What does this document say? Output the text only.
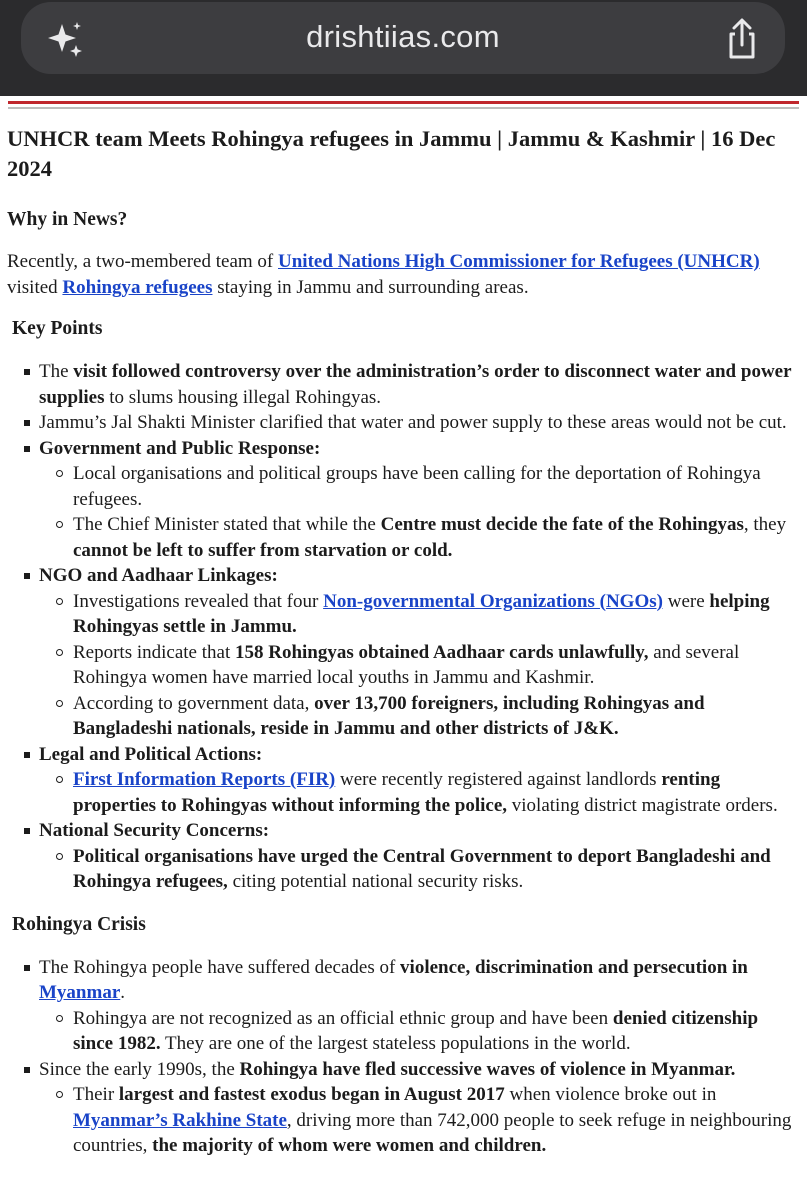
drishtiias.com
UNHCR team Meets Rohingya refugees in Jammu | Jammu & Kashmir | 16 Dec 2024
Why in News?

Recently, a two-membered team of United Nations High Commissioner for Refugees (UNHCR) visited Rohingya refugees staying in Jammu and surrounding areas.

Key Points
The visit followed controversy over the administration’s order to disconnect water and power supplies to slums housing illegal Rohingyas.
Jammu’s Jal Shakti Minister clarified that water and power supply to these areas would not be cut.
Government and Public Response:
Local organisations and political groups have been calling for the deportation of Rohingya refugees.
The Chief Minister stated that while the Centre must decide the fate of the Rohingyas, they cannot be left to suffer from starvation or cold.
NGO and Aadhaar Linkages:
Investigations revealed that four Non-governmental Organizations (NGOs) were helping Rohingyas settle in Jammu.
Reports indicate that 158 Rohingyas obtained Aadhaar cards unlawfully, and several Rohingya women have married local youths in Jammu and Kashmir.
According to government data, over 13,700 foreigners, including Rohingyas and Bangladeshi nationals, reside in Jammu and other districts of J&K.
Legal and Political Actions:
First Information Reports (FIR) were recently registered against landlords renting properties to Rohingyas without informing the police, violating district magistrate orders.
National Security Concerns:
Political organisations have urged the Central Government to deport Bangladeshi and Rohingya refugees, citing potential national security risks.
Rohingya Crisis
The Rohingya people have suffered decades of violence, discrimination and persecution in Myanmar.
Rohingya are not recognized as an official ethnic group and have been denied citizenship since 1982. They are one of the largest stateless populations in the world.
Since the early 1990s, the Rohingya have fled successive waves of violence in Myanmar.
Their largest and fastest exodus began in August 2017 when violence broke out in Myanmar’s Rakhine State, driving more than 742,000 people to seek refuge in neighbouring countries, the majority of whom were women and children.
